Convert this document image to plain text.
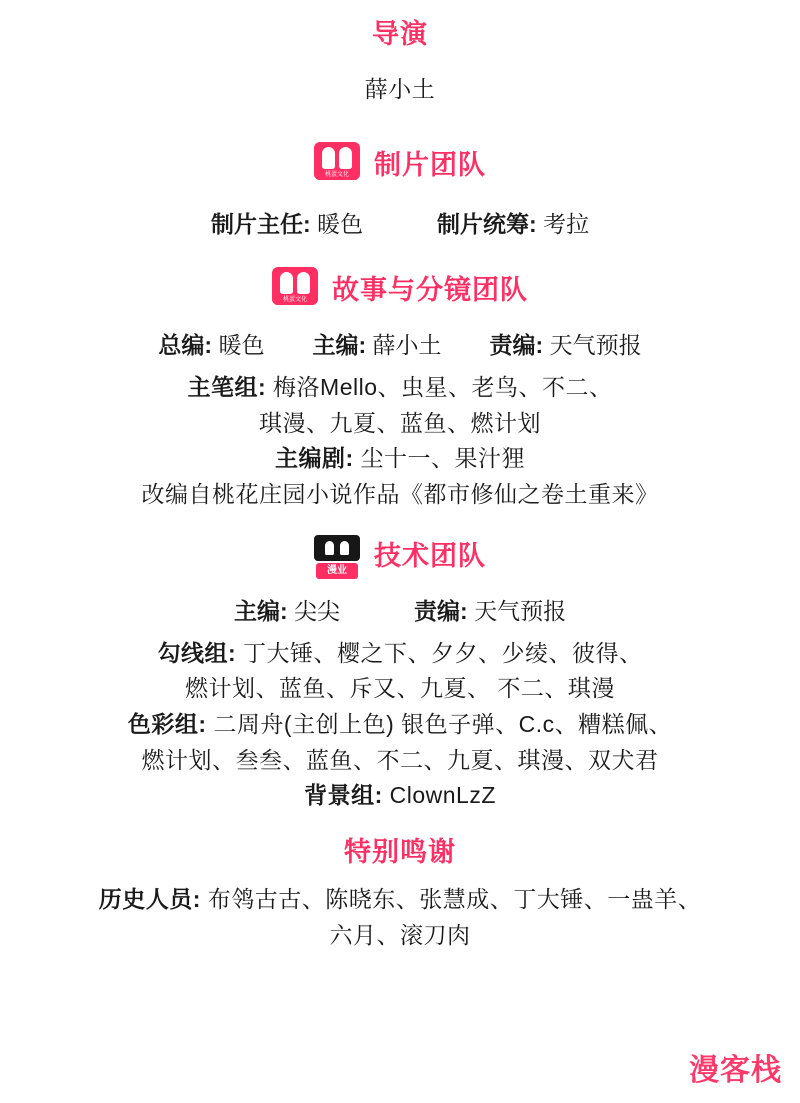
导演
薛小土
桃蛋文化 制片团队
制片主任: 暖色	制片统筹: 考拉
桃蛋文化 故事与分镜团队
总编: 暖色 主编: 薛小土 责编: 天气预报
主笔组: 梅洛Mello、虫星、老鸟、不二、
琪漫、九夏、蓝鱼、燃计划
主编剧: 尘十一、果汁狸
改编自桃花庄园小说作品《都市修仙之卷土重来》
漫业	技术团队
主编: 尖尖	责编: 天气预报
勾线组: 丁大锤、樱之下、夕夕、少绫、彼得、
燃计划、蓝鱼、斥又、九夏、 不二、琪漫
色彩组: 二周舟(主创上色) 银色子弹、C.c、糟糕佩、
燃计划、叁叁、蓝鱼、不二、九夏、琪漫、双犬君
背景组: ClownLzZ
特别鸣谢
历史人员: 布鸰古古、陈晓东、张慧成、丁大锤、一蛊羊、
六月、滚刀肉
漫客栈
